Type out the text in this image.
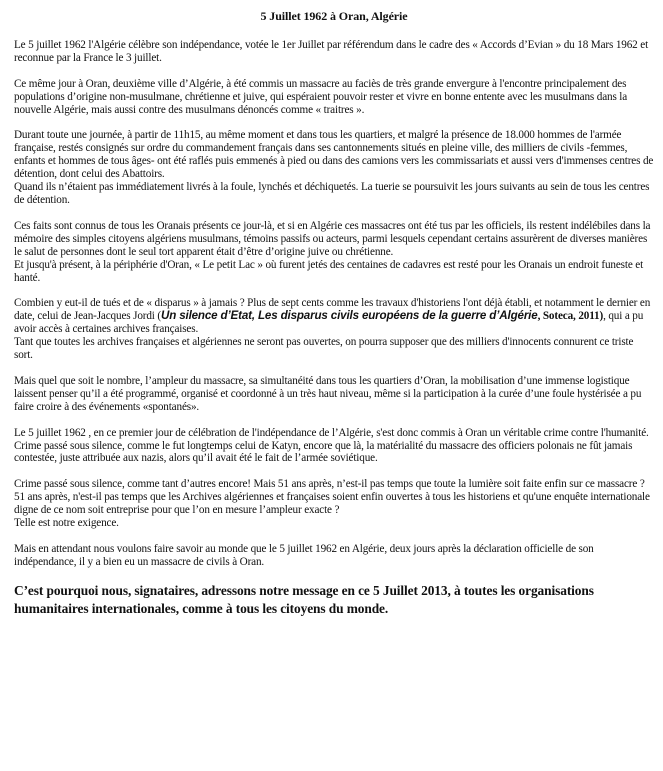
5 Juillet 1962 à Oran, Algérie

Le 5 juillet 1962 l'Algérie célèbre son indépendance, votée le 1er Juillet par référendum dans le cadre des « Accords d’Evian » du 18 Mars 1962 et reconnue par la France le 3 juillet.

Ce même jour à Oran, deuxième ville d’Algérie, à été commis un massacre au faciès de très grande envergure à l'encontre principalement des populations d’origine non-musulmane, chrétienne et juive, qui espéraient pouvoir rester et vivre en bonne entente avec les musulmans dans la nouvelle Algérie, mais aussi contre des musulmans dénoncés comme « traitres ».

Durant toute une journée, à partir de 11h15, au même moment et dans tous les quartiers, et malgré la présence de 18.000 hommes de l'armée française, restés consignés sur ordre du commandement français dans ses cantonnements situés en pleine ville, des milliers de civils -femmes, enfants et hommes de tous âges- ont été raflés puis emmenés à pied ou dans des camions vers les commissariats et aussi vers d'immenses centres de détention, dont celui des Abattoirs.
Quand ils n’étaient pas immédiatement livrés à la foule, lynchés et déchiquetés. La tuerie se poursuivit les jours suivants au sein de tous les centres de détention.

Ces faits sont connus de tous les Oranais présents ce jour-là, et si en Algérie ces massacres ont été tus par les officiels, ils restent indélébiles dans la mémoire des simples citoyens algériens musulmans, témoins passifs ou acteurs, parmi lesquels cependant certains assurèrent de diverses manières le salut de personnes dont le seul tort apparent était d’être d’origine juive ou chrétienne.
Et jusqu'à présent, à la périphérie d'Oran, « Le petit Lac » où furent jetés des centaines de cadavres est resté pour les Oranais un endroit funeste et hanté.

Combien y eut-il de tués et de « disparus » à jamais ? Plus de sept cents comme les travaux d'historiens l'ont déjà établi, et notamment le dernier en date, celui de Jean-Jacques Jordi (Un silence d’Etat, Les disparus civils européens de la guerre d’Algérie, Soteca, 2011), qui a pu avoir accès à certaines archives françaises.
Tant que toutes les archives françaises et algériennes ne seront pas ouvertes, on pourra supposer que des milliers d'innocents connurent ce triste sort.

Mais quel que soit le nombre, l’ampleur du massacre, sa simultanéité dans tous les quartiers d’Oran, la mobilisation d’une immense logistique laissent penser qu’il a été programmé, organisé et coordonné à un très haut niveau, même si la participation à la curée d’une foule hystérisée a pu faire croire à des événements «spontanés».

Le 5 juillet 1962 , en ce premier jour de célébration de l'indépendance de l’Algérie, s'est donc commis à Oran un véritable crime contre l'humanité. Crime passé sous silence, comme le fut longtemps celui de Katyn, encore que là, la matérialité du massacre des officiers polonais ne fût jamais contestée, juste attribuée aux nazis, alors qu’il avait été le fait de l’armée soviétique.

Crime passé sous silence, comme tant d’autres encore! Mais 51 ans après, n’est-il pas temps que toute la lumière soit faite enfin sur ce massacre ? 51 ans après, n'est-il pas temps que les Archives algériennes et françaises soient enfin ouvertes à tous les historiens et qu'une enquête internationale digne de ce nom soit entreprise pour que l’on en mesure l’ampleur exacte ?
Telle est notre exigence.

Mais en attendant nous voulons faire savoir au monde que le 5 juillet 1962 en Algérie, deux jours après la déclaration officielle de son indépendance, il y a bien eu un massacre de civils à Oran.

C’est pourquoi nous, signataires, adressons notre message en ce 5 Juillet 2013, à toutes les organisations humanitaires internationales, comme à tous les citoyens du monde.
